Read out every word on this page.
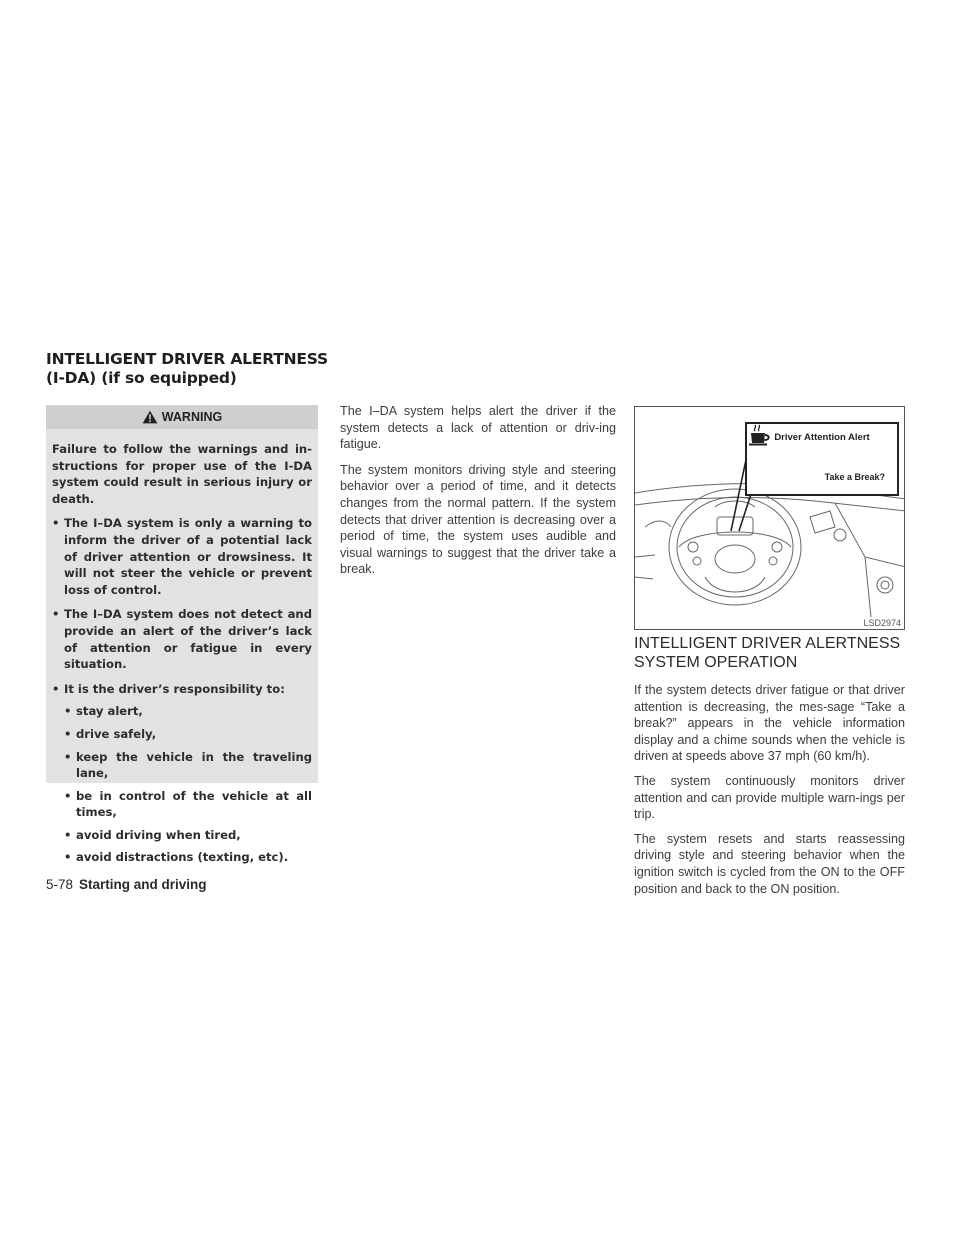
INTELLIGENT DRIVER ALERTNESS
(I-DA) (if so equipped)
WARNING

Failure to follow the warnings and in-structions for proper use of the I-DA system could result in serious injury or death.

• The I–DA system is only a warning to inform the driver of a potential lack of driver attention or drowsiness. It will not steer the vehicle or prevent loss of control.
• The I–DA system does not detect and provide an alert of the driver’s lack of attention or fatigue in every situation.
• It is the driver’s responsibility to:
• stay alert,
• drive safely,
• keep the vehicle in the traveling lane,
• be in control of the vehicle at all times,
• avoid driving when tired,
• avoid distractions (texting, etc).

The I–DA system helps alert the driver if the system detects a lack of attention or driv-ing fatigue.

The system monitors driving style and steering behavior over a period of time, and it detects changes from the normal pattern. If the system detects that driver attention is decreasing over a period of time, the system uses audible and visual warnings to suggest that the driver take a break.

Driver Attention Alert
Take a Break?
LSD2974
INTELLIGENT DRIVER ALERTNESS
SYSTEM OPERATION

If the system detects driver fatigue or that driver attention is decreasing, the mes-sage “Take a break?” appears in the vehicle information display and a chime sounds when the vehicle is driven at speeds above 37 mph (60 km/h).

The system continuously monitors driver attention and can provide multiple warn-ings per trip.

The system resets and starts reassessing driving style and steering behavior when the ignition switch is cycled from the ON to the OFF position and back to the ON position.

5-78 Starting and driving
